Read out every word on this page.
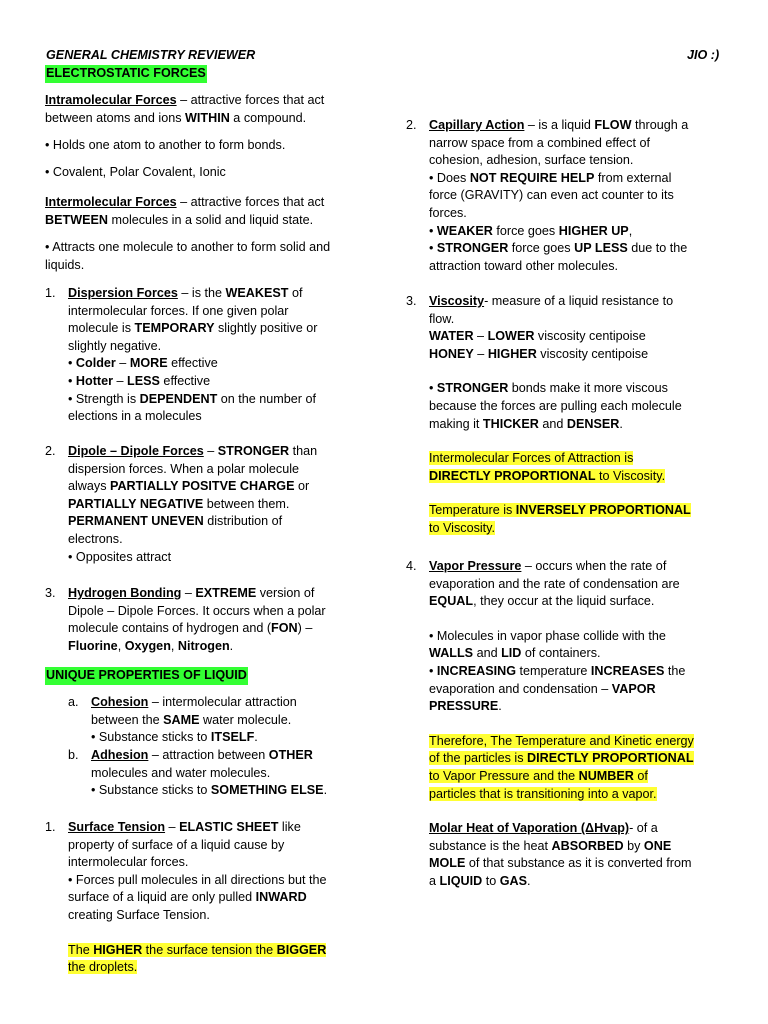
GENERAL CHEMISTRY REVIEWER	JIO :)
ELECTROSTATIC FORCES

Intramolecular Forces – attractive forces that act between atoms and ions WITHIN a compound.

• Holds one atom to another to form bonds.

• Covalent, Polar Covalent, Ionic

Intermolecular Forces – attractive forces that act BETWEEN molecules in a solid and liquid state.

• Attracts one molecule to another to form solid and liquids.

1. Dispersion Forces – is the WEAKEST of

intermolecular forces. If one given polar

molecule is TEMPORARY slightly positive or

slightly negative.

• Colder – MORE effective

• Hotter – LESS effective

• Strength is DEPENDENT on the number of

elections in a molecules

2. Dipole – Dipole Forces – STRONGER than

dispersion forces. When a polar molecule

always PARTIALLY POSITVE CHARGE or

PARTIALLY NEGATIVE between them.

PERMANENT UNEVEN distribution of

electrons.

• Opposites attract

3. Hydrogen Bonding – EXTREME version of

Dipole – Dipole Forces. It occurs when a polar

molecule contains of hydrogen and (FON) –

Fluorine, Oxygen, Nitrogen.

UNIQUE PROPERTIES OF LIQUID
a. Cohesion – intermolecular attraction

between the SAME water molecule.

• Substance sticks to ITSELF.

b. Adhesion – attraction between OTHER

molecules and water molecules.

• Substance sticks to SOMETHING ELSE.

1. Surface Tension – ELASTIC SHEET like

property of surface of a liquid cause by

intermolecular forces.

• Forces pull molecules in all directions but the

surface of a liquid are only pulled INWARD

creating Surface Tension.

The HIGHER the surface tension the BIGGER

the droplets.

2. Capillary Action – is a liquid FLOW through a

narrow space from a combined effect of

cohesion, adhesion, surface tension.

• Does NOT REQUIRE HELP from external

force (GRAVITY) can even act counter to its

forces.

• WEAKER force goes HIGHER UP,

• STRONGER force goes UP LESS due to the

attraction toward other molecules.

3. Viscosity- measure of a liquid resistance to

flow.

WATER – LOWER viscosity centipoise

HONEY – HIGHER viscosity centipoise

• STRONGER bonds make it more viscous

because the forces are pulling each molecule

making it THICKER and DENSER.

Intermolecular Forces of Attraction is

DIRECTLY PROPORTIONAL to Viscosity.

Temperature is INVERSELY PROPORTIONAL

to Viscosity.

4. Vapor Pressure – occurs when the rate of

evaporation and the rate of condensation are

EQUAL, they occur at the liquid surface.

• Molecules in vapor phase collide with the

WALLS and LID of containers.

• INCREASING temperature INCREASES the

evaporation and condensation – VAPOR

PRESSURE.

Therefore, The Temperature and Kinetic energy

of the particles is DIRECTLY PROPORTIONAL

to Vapor Pressure and the NUMBER of

particles that is transitioning into a vapor.

Molar Heat of Vaporation (ΔHvap)- of a

substance is the heat ABSORBED by ONE

MOLE of that substance as it is converted from

a LIQUID to GAS.
